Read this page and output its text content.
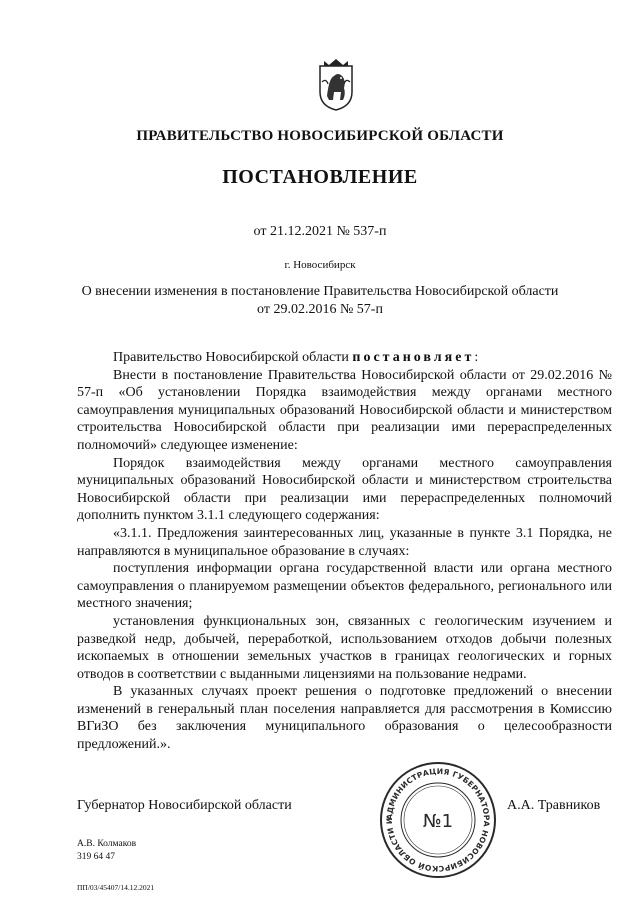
ПРАВИТЕЛЬСТВО НОВОСИБИРСКОЙ ОБЛАСТИ
ПОСТАНОВЛЕНИЕ
от 21.12.2021 № 537-п
г. Новосибирск
О внесении изменения в постановление Правительства Новосибирской области
от 29.02.2016 № 57-п

Правительство Новосибирской области постановляет:

Внести в постановление Правительства Новосибирской области от 29.02.2016 № 57-п «Об установлении Порядка взаимодействия между органами местного самоуправления муниципальных образований Новосибирской области и министерством строительства Новосибирской области при реализации ими перераспределенных полномочий» следующее изменение:

Порядок взаимодействия между органами местного самоуправления муниципальных образований Новосибирской области и министерством строительства Новосибирской области при реализации ими перераспределенных полномочий дополнить пунктом 3.1.1 следующего содержания:

«3.1.1. Предложения заинтересованных лиц, указанные в пункте 3.1 Порядка, не направляются в муниципальное образование в случаях:

поступления информации органа государственной власти или органа местного самоуправления о планируемом размещении объектов федерального, регионального или местного значения;

установления функциональных зон, связанных с геологическим изучением и разведкой недр, добычей, переработкой, использованием отходов добычи полезных ископаемых в отношении земельных участков в границах геологических и горных отводов в соответствии с выданными лицензиями на пользование недрами.

В указанных случаях проект решения о подготовке предложений о внесении изменений в генеральный план поселения направляется для рассмотрения в Комиссию ВГиЗО без заключения муниципального образования о целесообразности предложений.».

Губернатор Новосибирской области	А.А. Травников
АДМИНИСТРАЦИЯ ГУБЕРНАТОРА НОВОСИБИРСКОЙ ОБЛАСТИ И	№1
А.В. Колмаков
319 64 47
ПП/03/45407/14.12.2021
